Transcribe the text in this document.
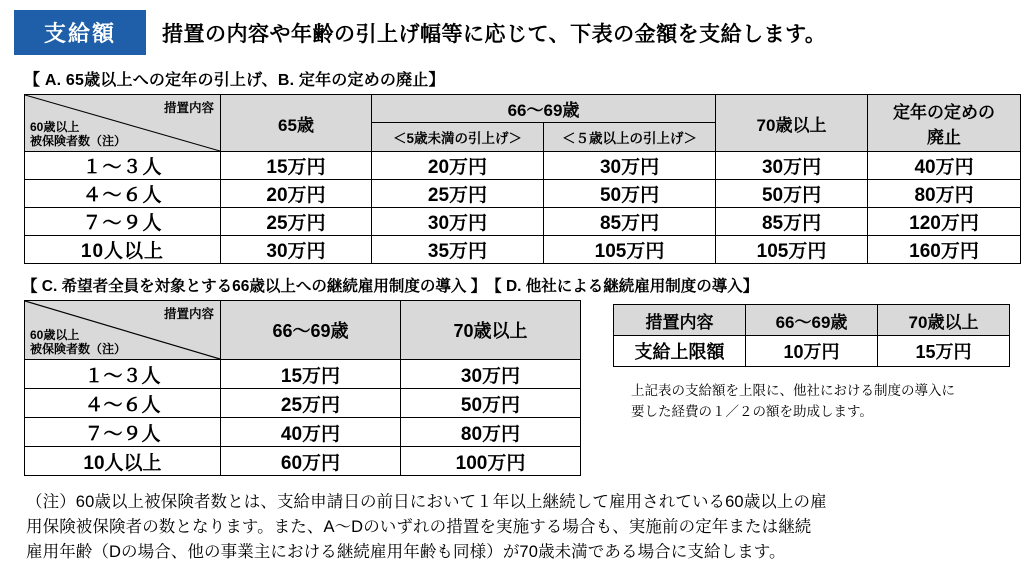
支給額	措置の内容や年齢の引上げ幅等に応じて、下表の金額を支給します。
【 A. 65歳以上への定年の引上げ、B. 定年の定めの廃止】
措置内容
60歳以上
被保険者数（注）	65歳	66〜69歳		70歳以上	定年の定めの
廃止
		＜5歳未満の引上げ＞	＜５歳以上の引上げ＞		
１〜３人	15万円	20万円	30万円	30万円	40万円
４〜６人	20万円	25万円	50万円	50万円	80万円
７〜９人	25万円	30万円	85万円	85万円	120万円
10人以上	30万円	35万円	105万円	105万円	160万円
【 C. 希望者全員を対象とする66歳以上への継続雇用制度の導入 】 【 D. 他社による継続雇用制度の導入】
措置内容
60歳以上
被保険者数（注）	66〜69歳	70歳以上
１〜３人	15万円	30万円
４〜６人	25万円	50万円
７〜９人	40万円	80万円
10人以上	60万円	100万円
措置内容	66〜69歳	70歳以上
支給上限額	10万円	15万円
上記表の支給額を上限に、他社における制度の導入に
要した経費の１／２の額を助成します。
（注）60歳以上被保険者数とは、支給申請日の前日において１年以上継続して雇用されている60歳以上の雇
用保険被保険者の数となります。また、A〜Dのいずれの措置を実施する場合も、実施前の定年または継続
雇用年齢（Dの場合、他の事業主における継続雇用年齢も同様）が70歳未満である場合に支給します。
